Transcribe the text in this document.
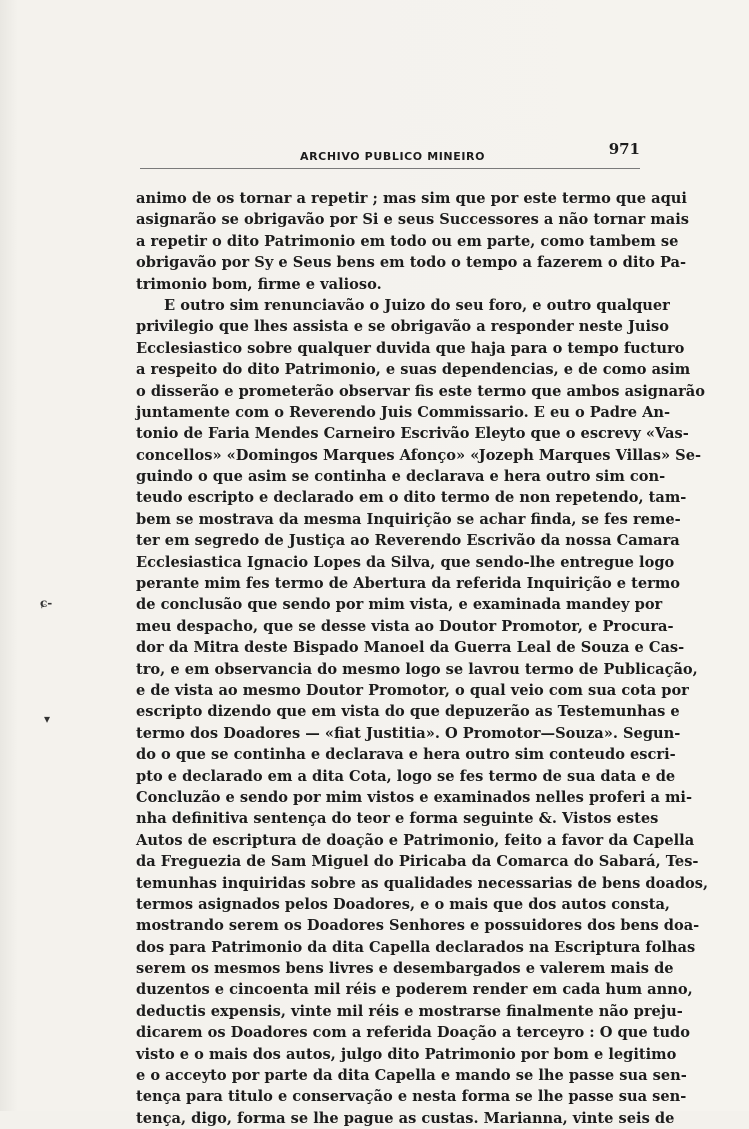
ARCHIVO PUBLICO MINEIRO	971
ɕ-
▾
animo de os tornar a repetir ; mas sim que por este termo que aqui
asignarão se obrigavão por Si e seus Successores a não tornar mais
a repetir o dito Patrimonio em todo ou em parte, como tambem se
obrigavão por Sy e Seus bens em todo o tempo a fazerem o dito Pa-
trimonio bom, firme e valioso.
E outro sim renunciavão o Juizo do seu foro, e outro qualquer
privilegio que lhes assista e se obrigavão a responder neste Juiso
Ecclesiastico sobre qualquer duvida que haja para o tempo fucturo
a respeito do dito Patrimonio, e suas dependencias, e de como asim
o disserão e prometerão observar fis este termo que ambos asignarão
juntamente com o Reverendo Juis Commissario. E eu o Padre An-
tonio de Faria Mendes Carneiro Escrivão Eleyto que o escrevy «Vas-
concellos» «Domingos Marques Afonço» «Jozeph Marques Villas» Se-
guindo o que asim se continha e declarava e hera outro sim con-
teudo escripto e declarado em o dito termo de non repetendo, tam-
bem se mostrava da mesma Inquirição se achar finda, se fes reme-
ter em segredo de Justiça ao Reverendo Escrivão da nossa Camara
Ecclesiastica Ignacio Lopes da Silva, que sendo-lhe entregue logo
perante mim fes termo de Abertura da referida Inquirição e termo
de conclusão que sendo por mim vista, e examinada mandey por
meu despacho, que se desse vista ao Doutor Promotor, e Procura-
dor da Mitra deste Bispado Manoel da Guerra Leal de Souza e Cas-
tro, e em observancia do mesmo logo se lavrou termo de Publicação,
e de vista ao mesmo Doutor Promotor, o qual veio com sua cota por
escripto dizendo que em vista do que depuzerão as Testemunhas e
termo dos Doadores — «fiat Justitia». O Promotor—Souza». Segun-
do o que se continha e declarava e hera outro sim conteudo escri-
pto e declarado em a dita Cota, logo se fes termo de sua data e de
Concluzão e sendo por mim vistos e examinados nelles proferi a mi-
nha definitiva sentença do teor e forma seguinte &. Vistos estes
Autos de escriptura de doação e Patrimonio, feito a favor da Capella
da Freguezia de Sam Miguel do Piricaba da Comarca do Sabará, Tes-
temunhas inquiridas sobre as qualidades necessarias de bens doados,
termos asignados pelos Doadores, e o mais que dos autos consta,
mostrando serem os Doadores Senhores e possuidores dos bens doa-
dos para Patrimonio da dita Capella declarados na Escriptura folhas
serem os mesmos bens livres e desembargados e valerem mais de
duzentos e cincoenta mil réis e poderem render em cada hum anno,
deductis expensis, vinte mil réis e mostrarse finalmente não preju-
dicarem os Doadores com a referida Doação a terceyro : O que tudo
visto e o mais dos autos, julgo dito Patrimonio por bom e legitimo
e o acceyto por parte da dita Capella e mando se lhe passe sua sen-
tença para titulo e conservação e nesta forma se lhe passe sua sen-
tença, digo, forma se lhe pague as custas. Marianna, vinte seis de
